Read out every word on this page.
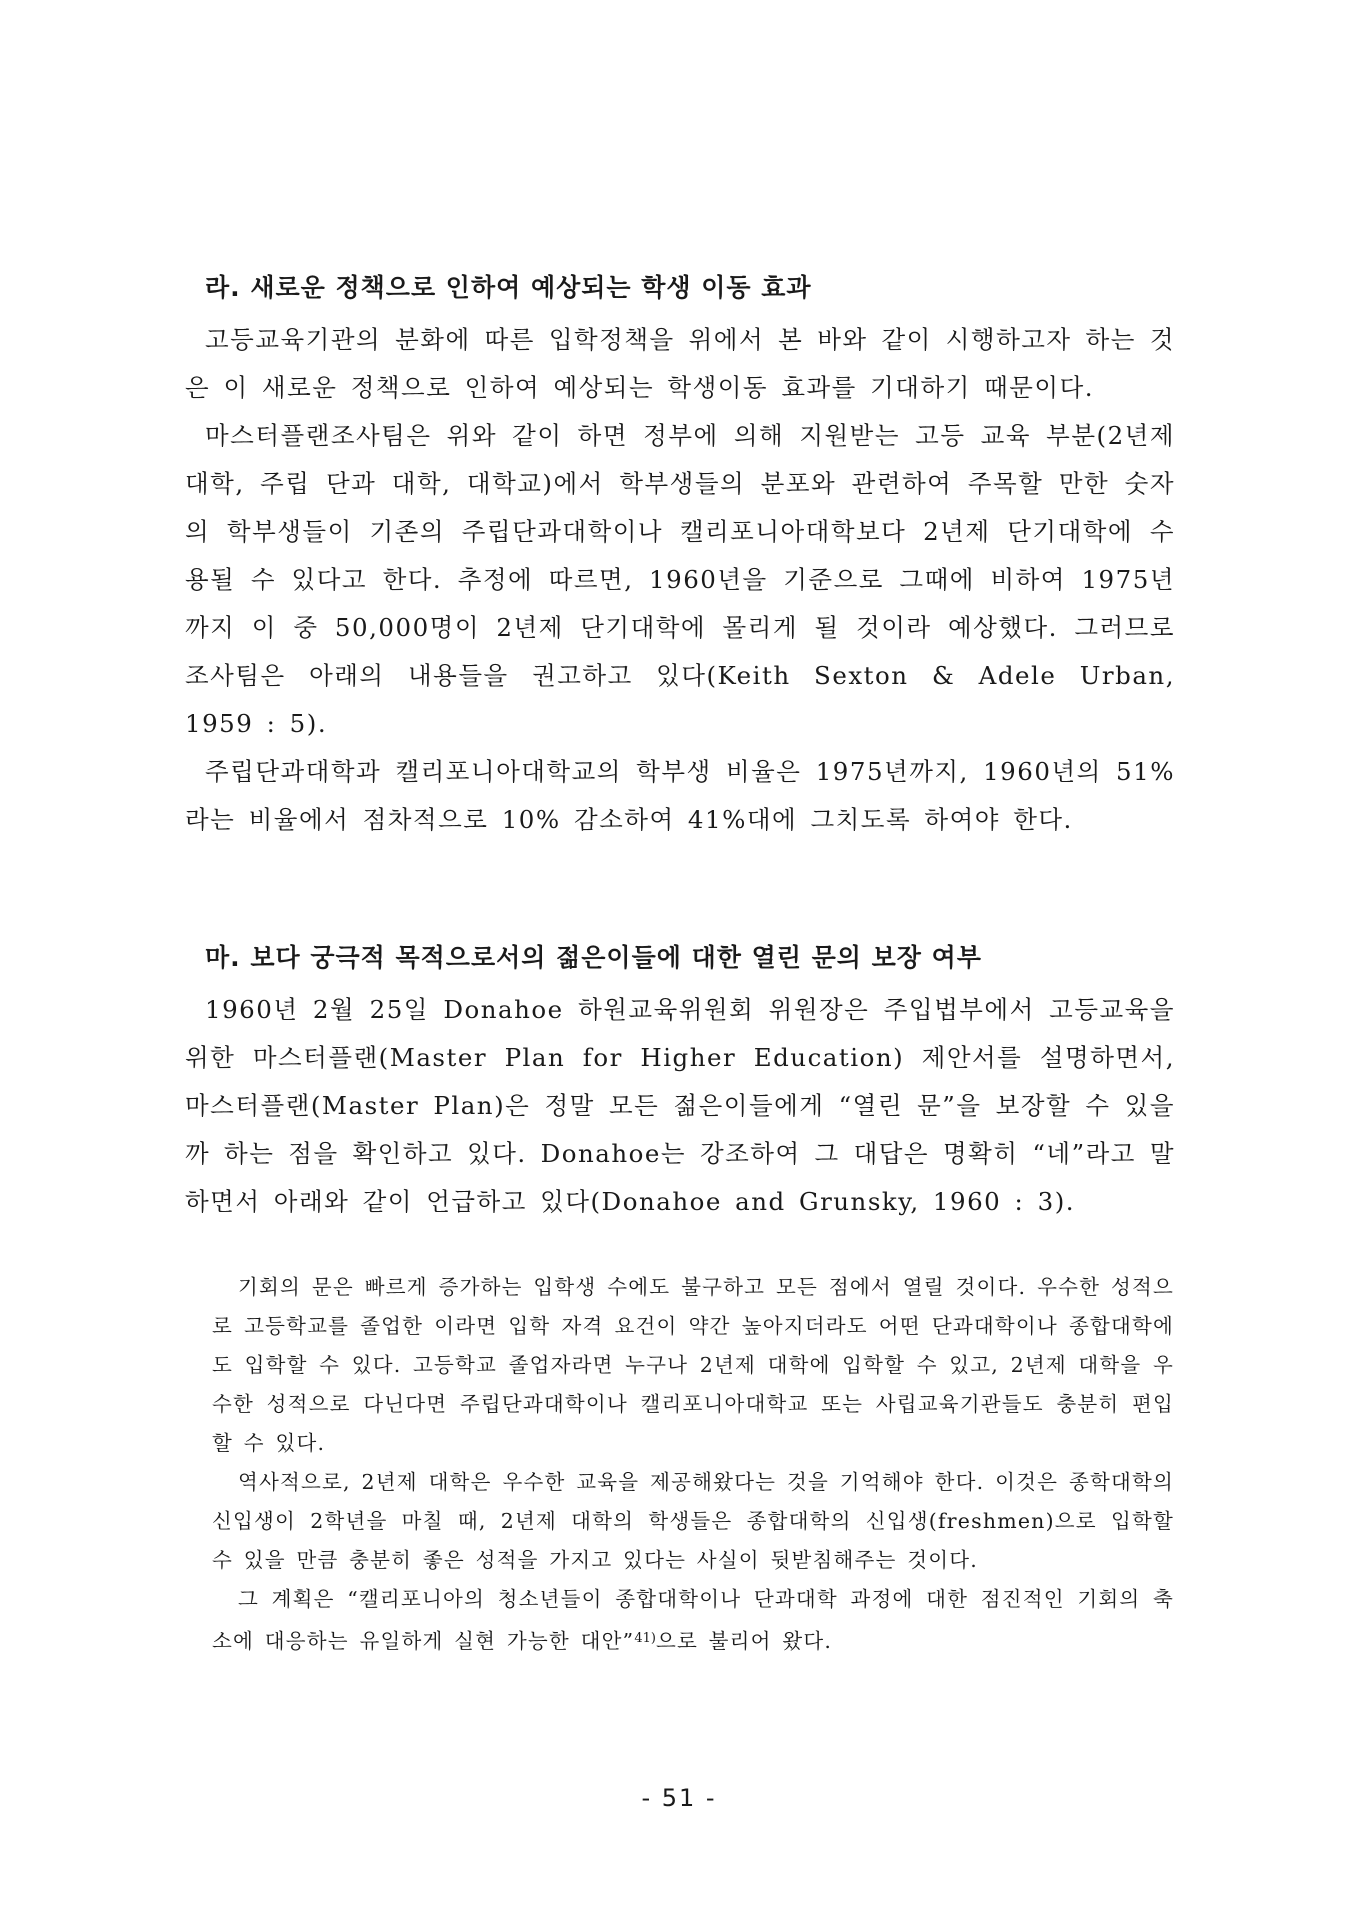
라. 새로운 정책으로 인하여 예상되는 학생 이동 효과

고등교육기관의 분화에 따른 입학정책을 위에서 본 바와 같이 시행하고자 하는 것은 이 새로운 정책으로 인하여 예상되는 학생이동 효과를 기대하기 때문이다.

마스터플랜조사팀은 위와 같이 하면 정부에 의해 지원받는 고등 교육 부분(2년제 대학, 주립 단과 대학, 대학교)에서 학부생들의 분포와 관련하여 주목할 만한 숫자의 학부생들이 기존의 주립단과대학이나 캘리포니아대학보다 2년제 단기대학에 수용될 수 있다고 한다. 추정에 따르면, 1960년을 기준으로 그때에 비하여 1975년까지 이 중 50,000명이 2년제 단기대학에 몰리게 될 것이라 예상했다. 그러므로 조사팀은 아래의 내용들을 권고하고 있다(Keith Sexton & Adele Urban, 1959 : 5).

주립단과대학과 캘리포니아대학교의 학부생 비율은 1975년까지, 1960년의 51%라는 비율에서 점차적으로 10% 감소하여 41%대에 그치도록 하여야 한다.

마. 보다 궁극적 목적으로서의 젊은이들에 대한 열린 문의 보장 여부

1960년 2월 25일 Donahoe 하원교육위원회 위원장은 주입법부에서 고등교육을 위한 마스터플랜(Master Plan for Higher Education) 제안서를 설명하면서, 마스터플랜(Master Plan)은 정말 모든 젊은이들에게 “열린 문”을 보장할 수 있을까 하는 점을 확인하고 있다. Donahoe는 강조하여 그 대답은 명확히 “네”라고 말하면서 아래와 같이 언급하고 있다(Donahoe and Grunsky, 1960 : 3).

기회의 문은 빠르게 증가하는 입학생 수에도 불구하고 모든 점에서 열릴 것이다. 우수한 성적으로 고등학교를 졸업한 이라면 입학 자격 요건이 약간 높아지더라도 어떤 단과대학이나 종합대학에도 입학할 수 있다. 고등학교 졸업자라면 누구나 2년제 대학에 입학할 수 있고, 2년제 대학을 우수한 성적으로 다닌다면 주립단과대학이나 캘리포니아대학교 또는 사립교육기관들도 충분히 편입할 수 있다.

역사적으로, 2년제 대학은 우수한 교육을 제공해왔다는 것을 기억해야 한다. 이것은 종학대학의 신입생이 2학년을 마칠 때, 2년제 대학의 학생들은 종합대학의 신입생(freshmen)으로 입학할 수 있을 만큼 충분히 좋은 성적을 가지고 있다는 사실이 뒷받침해주는 것이다.

그 계획은 “캘리포니아의 청소년들이 종합대학이나 단과대학 과정에 대한 점진적인 기회의 축소에 대응하는 유일하게 실현 가능한 대안”$^{41)}$으로 불리어 왔다.

- 51 -
